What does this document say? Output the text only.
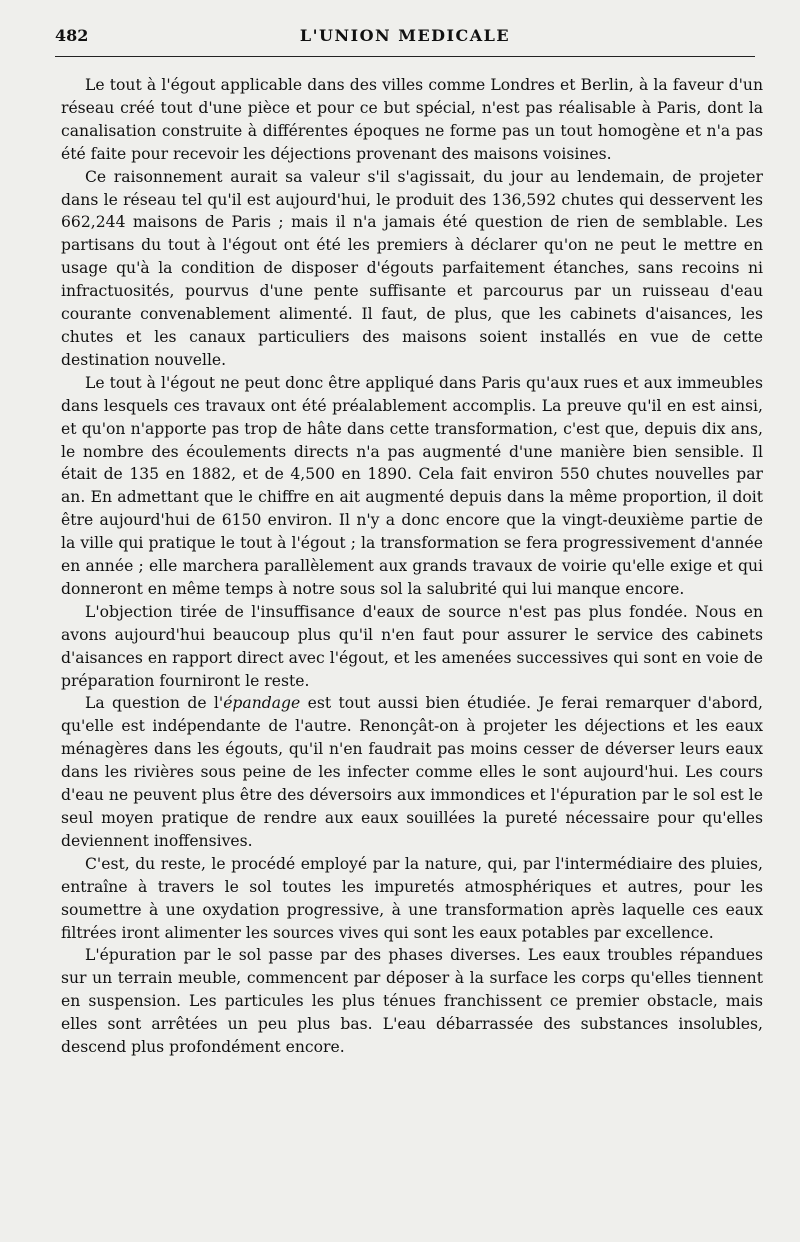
482	L'UNION MEDICALE

Le tout à l'égout applicable dans des villes comme Londres et Berlin, à la faveur d'un réseau créé tout d'une pièce et pour ce but spécial, n'est pas réalisable à Paris, dont la canalisation construite à différentes époques ne forme pas un tout homogène et n'a pas été faite pour recevoir les déjections provenant des maisons voisines.

Ce raisonnement aurait sa valeur s'il s'agissait, du jour au lendemain, de projeter dans le réseau tel qu'il est aujourd'hui, le produit des 136,592 chutes qui desservent les 662,244 maisons de Paris ; mais il n'a jamais été question de rien de semblable. Les partisans du tout à l'égout ont été les premiers à déclarer qu'on ne peut le mettre en usage qu'à la condition de disposer d'égouts parfaitement étanches, sans recoins ni infractuosités, pourvus d'une pente suffisante et parcourus par un ruisseau d'eau courante convenablement alimenté. Il faut, de plus, que les cabinets d'aisances, les chutes et les canaux particuliers des maisons soient installés en vue de cette destination nouvelle.

Le tout à l'égout ne peut donc être appliqué dans Paris qu'aux rues et aux immeubles dans lesquels ces travaux ont été préalablement accomplis. La preuve qu'il en est ainsi, et qu'on n'apporte pas trop de hâte dans cette transformation, c'est que, depuis dix ans, le nombre des écoulements directs n'a pas augmenté d'une manière bien sensible. Il était de 135 en 1882, et de 4,500 en 1890. Cela fait environ 550 chutes nouvelles par an. En admettant que le chiffre en ait augmenté depuis dans la même proportion, il doit être aujourd'hui de 6150 environ. Il n'y a donc encore que la vingt-deuxième partie de la ville qui pratique le tout à l'égout ; la transformation se fera progressivement d'année en année ; elle marchera parallèlement aux grands travaux de voirie qu'elle exige et qui donneront en même temps à notre sous sol la salubrité qui lui manque encore.

L'objection tirée de l'insuffisance d'eaux de source n'est pas plus fondée. Nous en avons aujourd'hui beaucoup plus qu'il n'en faut pour assurer le service des cabinets d'aisances en rapport direct avec l'égout, et les amenées successives qui sont en voie de préparation fourniront le reste.

La question de l'épandage est tout aussi bien étudiée. Je ferai remarquer d'abord, qu'elle est indépendante de l'autre. Renonçât-on à projeter les déjections et les eaux ménagères dans les égouts, qu'il n'en faudrait pas moins cesser de déverser leurs eaux dans les rivières sous peine de les infecter comme elles le sont aujourd'hui. Les cours d'eau ne peuvent plus être des déversoirs aux immondices et l'épuration par le sol est le seul moyen pratique de rendre aux eaux souillées la pureté nécessaire pour qu'elles deviennent inoffensives.

C'est, du reste, le procédé employé par la nature, qui, par l'intermédiaire des pluies, entraîne à travers le sol toutes les impuretés atmosphériques et autres, pour les soumettre à une oxydation progressive, à une transformation après laquelle ces eaux filtrées iront alimenter les sources vives qui sont les eaux potables par excellence.

L'épuration par le sol passe par des phases diverses. Les eaux troubles répandues sur un terrain meuble, commencent par déposer à la surface les corps qu'elles tiennent en suspension. Les particules les plus ténues franchissent ce premier obstacle, mais elles sont arrêtées un peu plus bas. L'eau débarrassée des substances insolubles, descend plus profondément encore.
